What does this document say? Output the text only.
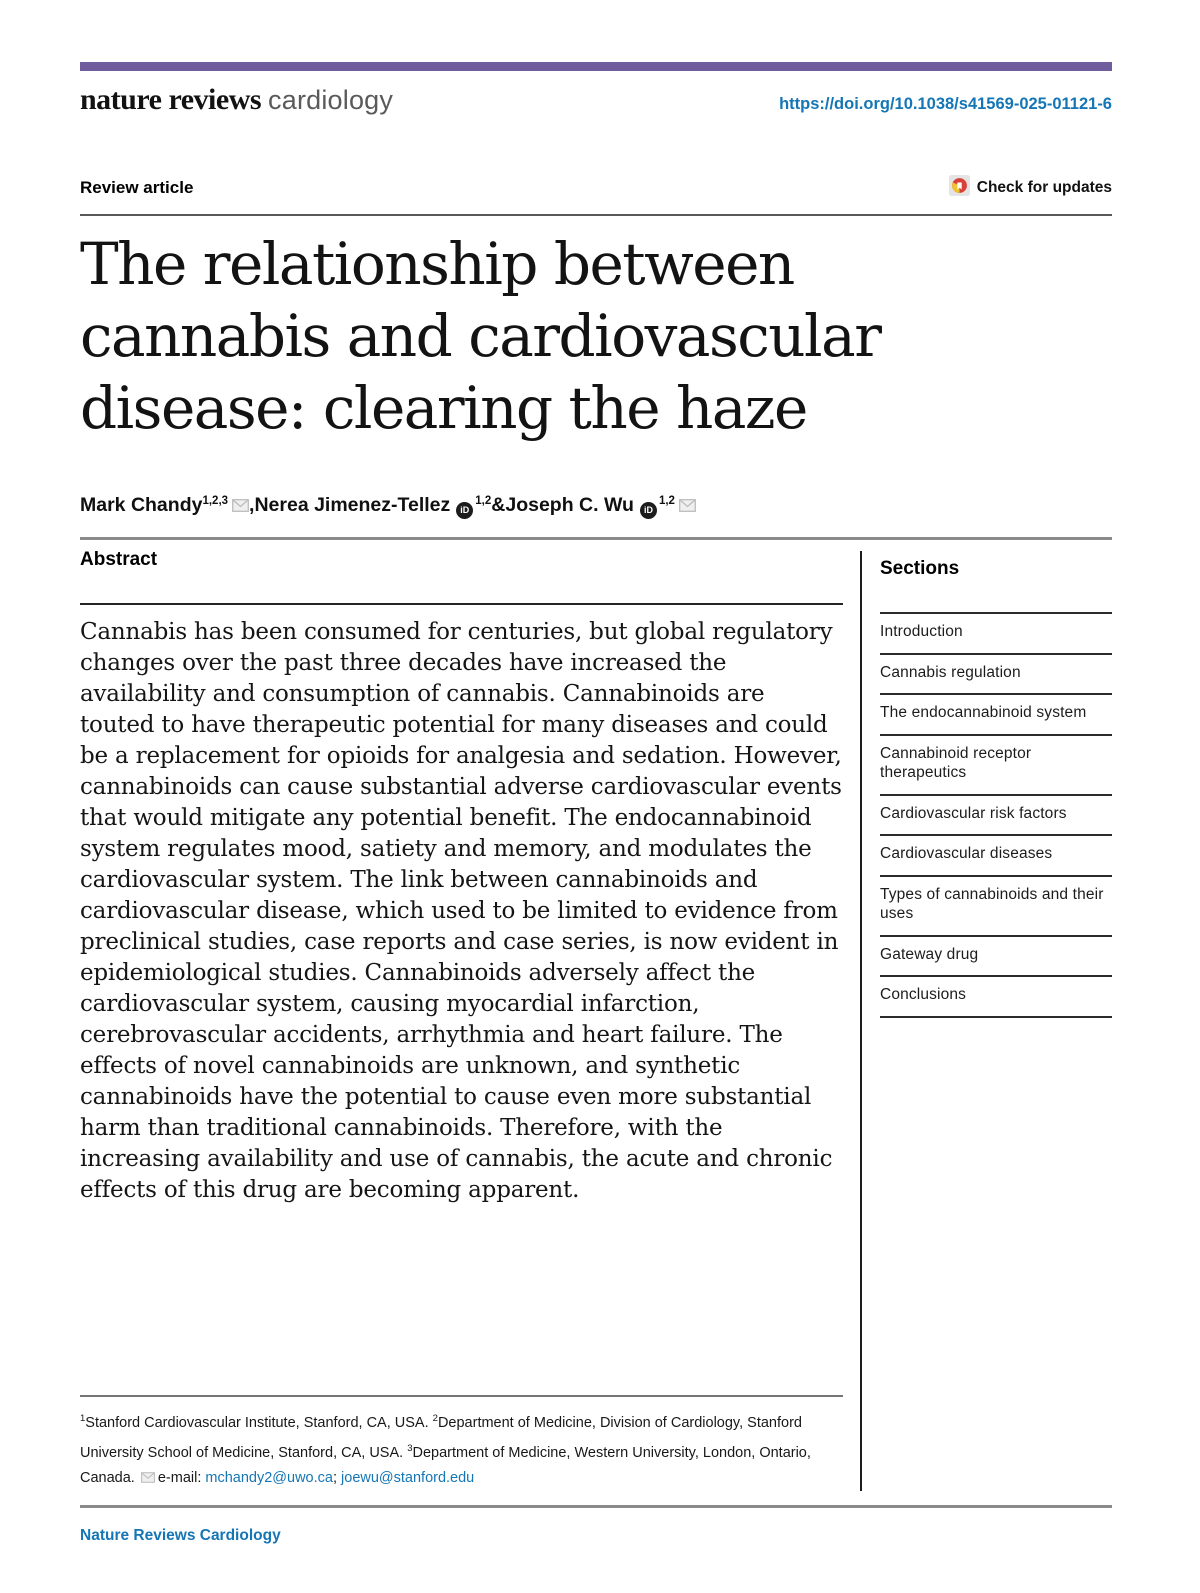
nature reviews cardiology	https://doi.org/10.1038/s41569-025-01121-6
Review article	Check for updates
The relationship between
cannabis and cardiovascular
disease: clearing the haze
Mark Chandy$^{1,2,3}$ , Nerea Jimenez-Tellez	iD
$^{1,2}$ & Joseph C. Wu	iD
$^{1,2}$
Abstract

Cannabis has been consumed for centuries, but global regulatory changes over the past three decades have increased the availability and consumption of cannabis. Cannabinoids are touted to have therapeutic potential for many diseases and could be a replacement for opioids for analgesia and sedation. However, cannabinoids can cause substantial adverse cardiovascular events that would mitigate any potential benefit. The endocannabinoid system regulates mood, satiety and memory, and modulates the cardiovascular system. The link between cannabinoids and cardiovascular disease, which used to be limited to evidence from preclinical studies, case reports and case series, is now evident in epidemiological studies. Cannabinoids adversely affect the cardiovascular system, causing myocardial infarction, cerebrovascular accidents, arrhythmia and heart failure. The effects of novel cannabinoids are unknown, and synthetic cannabinoids have the potential to cause even more substantial harm than traditional cannabinoids. Therefore, with the increasing availability and use of cannabis, the acute and chronic effects of this drug are becoming apparent.

Sections
Introduction
Cannabis regulation
The endocannabinoid system
Cannabinoid receptor therapeutics
Cardiovascular risk factors
Cardiovascular diseases
Types of cannabinoids and their uses
Gateway drug
Conclusions

$^1$Stanford Cardiovascular Institute, Stanford, CA, USA. $^2$Department of Medicine, Division of Cardiology, Stanford University School of Medicine, Stanford, CA, USA. $^3$Department of Medicine, Western University, London, Ontario, Canada. e-mail: mchandy2@uwo.ca; joewu@stanford.edu

Nature Reviews Cardiology
